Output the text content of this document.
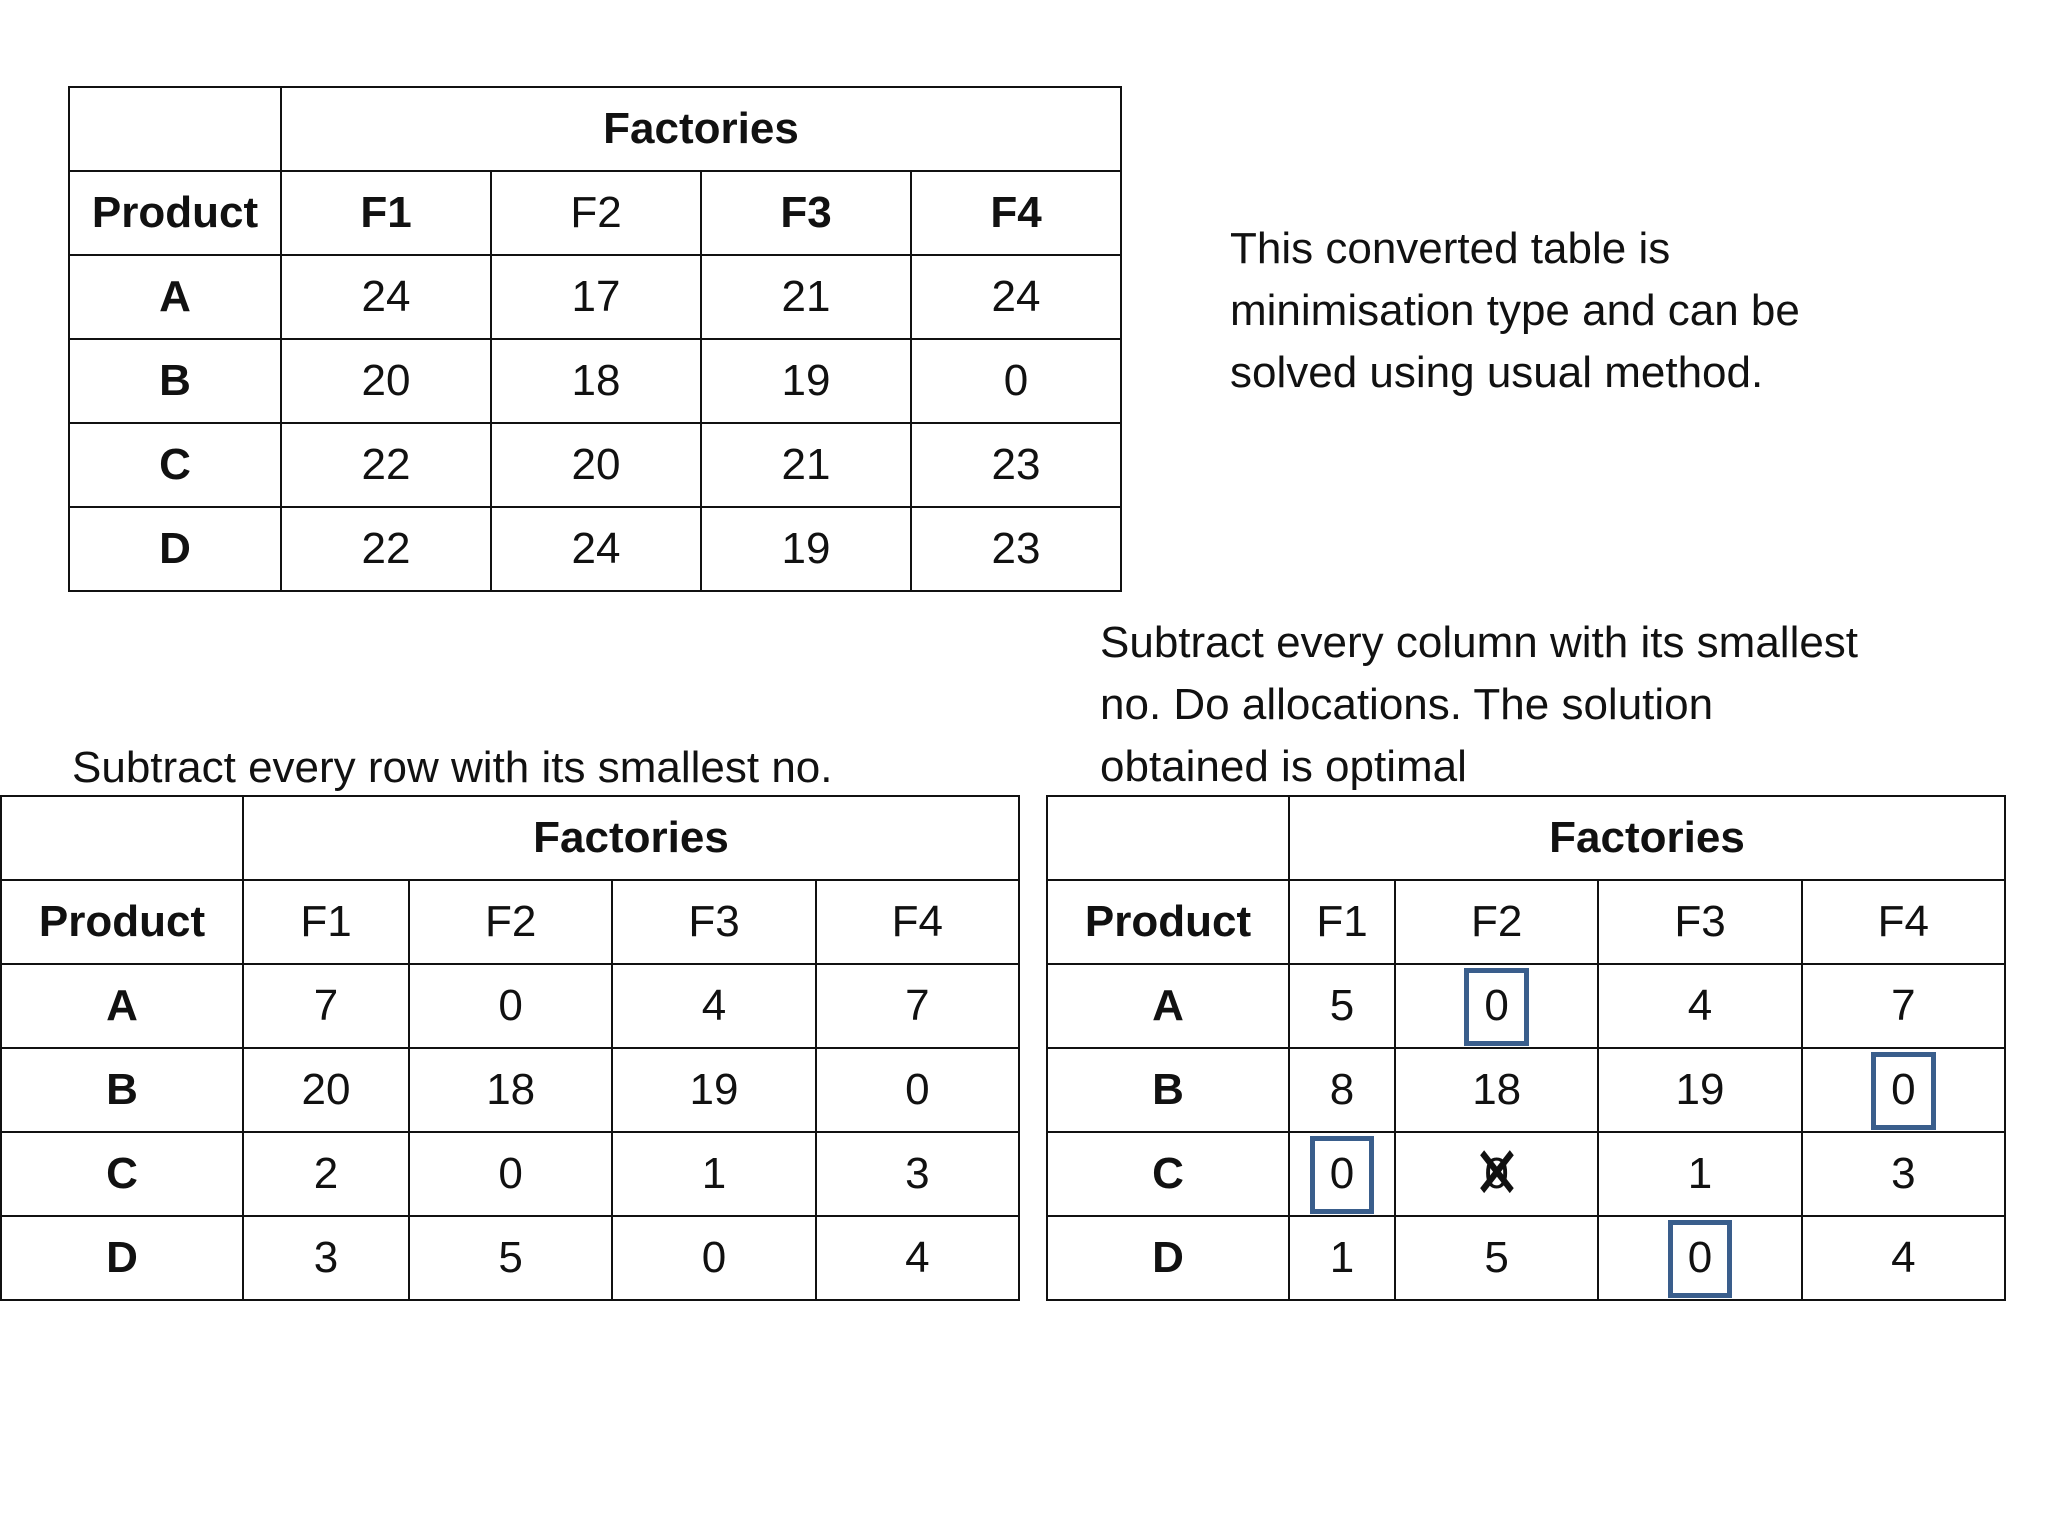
	Factories			
Product	F1	F2	F3	F4
A	24	17	21	24
B	20	18	19	0
C	22	20	21	23
D	22	24	19	23
This converted table is
minimisation type and can be
solved using usual method.
Subtract every column with its smallest
no. Do allocations. The solution
obtained is optimal
Subtract every row with its smallest no.
	Factories			
Product	F1	F2	F3	F4
A	7	0	4	7
B	20	18	19	0
C	2	0	1	3
D	3	5	0	4
	Factories			
Product	F1	F2	F3	F4
A	5	0	4	7
B	8	18	19	0
C	0	✕ 0	1	3
D	1	5	0	4
